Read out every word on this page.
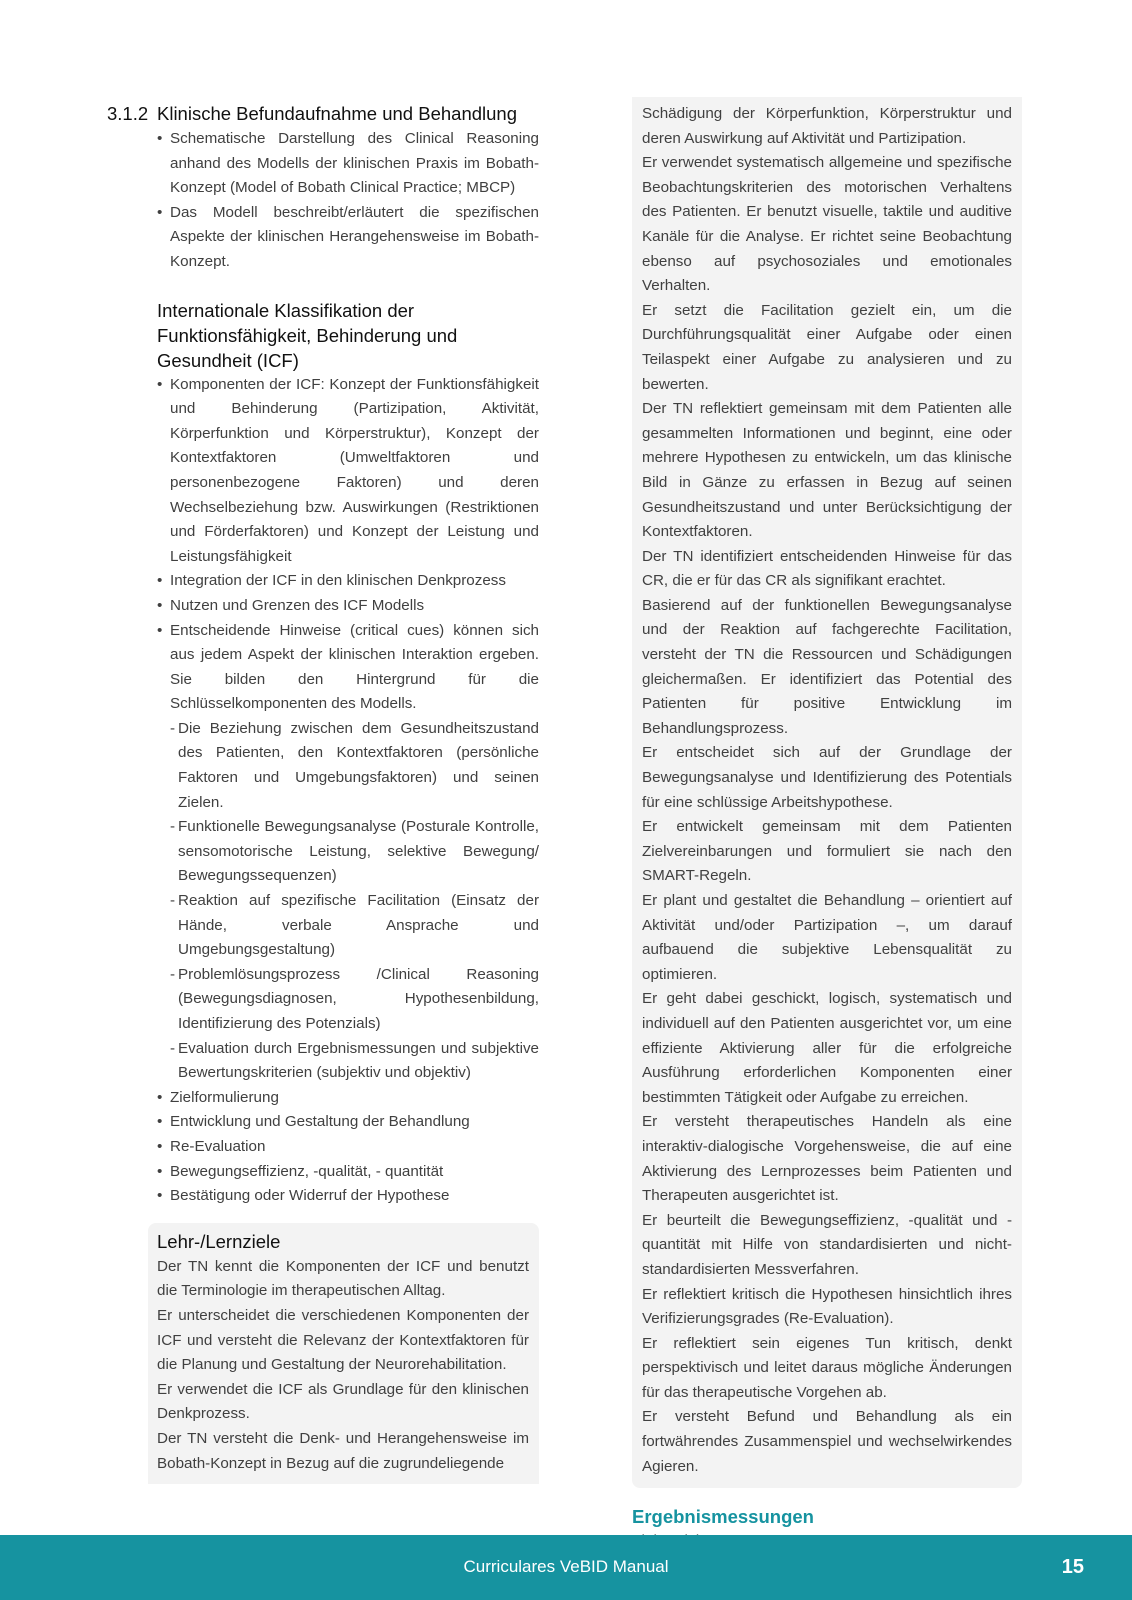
3.1.2 Klinische Befundaufnahme und Behandlung
• Schematische Darstellung des Clinical Reasoning anhand des Modells der klinischen Praxis im Bobath-Konzept (Model of Bobath Clinical Practice; MBCP)
• Das Modell beschreibt/erläutert die spezifischen Aspekte der klinischen Herangehensweise im Bobath-Konzept.
Internationale Klassifikation der Funktionsfähigkeit, Behinderung und Gesundheit (ICF)
• Komponenten der ICF: Konzept der Funktionsfähigkeit und Behinderung (Partizipation, Aktivität, Körperfunktion und Körperstruktur), Konzept der Kontextfaktoren (Umweltfaktoren und personenbezogene Faktoren) und deren Wechselbeziehung bzw. Auswirkungen (Restriktionen und Förderfaktoren) und Konzept der Leistung und Leistungsfähigkeit
• Integration der ICF in den klinischen Denkprozess
• Nutzen und Grenzen des ICF Modells
• Entscheidende Hinweise (critical cues) können sich aus jedem Aspekt der klinischen Interaktion ergeben. Sie bilden den Hintergrund für die Schlüsselkomponenten des Modells.
- Die Beziehung zwischen dem Gesundheitszustand des Patienten, den Kontextfaktoren (persönliche Faktoren und Umgebungsfaktoren) und seinen Zielen.
- Funktionelle Bewegungsanalyse (Posturale Kontrolle, sensomotorische Leistung, selektive Bewegung/ Bewegungssequenzen)
- Reaktion auf spezifische Facilitation (Einsatz der Hände, verbale Ansprache und Umgebungsgestaltung)
- Problemlösungsprozess /Clinical Reasoning (Bewegungsdiagnosen, Hypothesenbildung, Identifizierung des Potenzials)
- Evaluation durch Ergebnismessungen und subjektive Bewertungskriterien (subjektiv und objektiv)
• Zielformulierung
• Entwicklung und Gestaltung der Behandlung
• Re-Evaluation
• Bewegungseffizienz, -qualität, - quantität
• Bestätigung oder Widerruf der Hypothese
Lehr-/Lernziele

Der TN kennt die Komponenten der ICF und benutzt die Terminologie im therapeutischen Alltag.

Er unterscheidet die verschiedenen Komponenten der ICF und versteht die Relevanz der Kontextfaktoren für die Planung und Gestaltung der Neurorehabilitation.

Er verwendet die ICF als Grundlage für den klinischen Denkprozess.

Der TN versteht die Denk- und Herangehensweise im Bobath-Konzept in Bezug auf die zugrundeliegende

Schädigung der Körperfunktion, Körperstruktur und deren Auswirkung auf Aktivität und Partizipation.

Er verwendet systematisch allgemeine und spezifische Beobachtungskriterien des motorischen Verhaltens des Patienten. Er benutzt visuelle, taktile und auditive Kanäle für die Analyse. Er richtet seine Beobachtung ebenso auf psychosoziales und emotionales Verhalten.

Er setzt die Facilitation gezielt ein, um die Durchführungsqualität einer Aufgabe oder einen Teilaspekt einer Aufgabe zu analysieren und zu bewerten.

Der TN reflektiert gemeinsam mit dem Patienten alle gesammelten Informationen und beginnt, eine oder mehrere Hypothesen zu entwickeln, um das klinische Bild in Gänze zu erfassen in Bezug auf seinen Gesundheitszustand und unter Berücksichtigung der Kontextfaktoren.

Der TN identifiziert entscheidenden Hinweise für das CR, die er für das CR als signifikant erachtet.

Basierend auf der funktionellen Bewegungsanalyse und der Reaktion auf fachgerechte Facilitation, versteht der TN die Ressourcen und Schädigungen gleichermaßen. Er identifiziert das Potential des Patienten für positive Entwicklung im Behandlungsprozess.

Er entscheidet sich auf der Grundlage der Bewegungsanalyse und Identifizierung des Potentials für eine schlüssige Arbeitshypothese.

Er entwickelt gemeinsam mit dem Patienten Zielvereinbarungen und formuliert sie nach den SMART-Regeln.

Er plant und gestaltet die Behandlung – orientiert auf Aktivität und/oder Partizipation –, um darauf aufbauend die subjektive Lebensqualität zu optimieren.

Er geht dabei geschickt, logisch, systematisch und individuell auf den Patienten ausgerichtet vor, um eine effiziente Aktivierung aller für die erfolgreiche Ausführung erforderlichen Komponenten einer bestimmten Tätigkeit oder Aufgabe zu erreichen.

Er versteht therapeutisches Handeln als eine interaktiv-dialogische Vorgehensweise, die auf eine Aktivierung des Lernprozesses beim Patienten und Therapeuten ausgerichtet ist.

Er beurteilt die Bewegungseffizienz, -qualität und -quantität mit Hilfe von standardisierten und nicht-standardisierten Messverfahren.

Er reflektiert kritisch die Hypothesen hinsichtlich ihres Verifizierungsgrades (Re-Evaluation).

Er reflektiert sein eigenes Tun kritisch, denkt perspektivisch und leitet daraus mögliche Änderungen für das therapeutische Vorgehen ab.

Er versteht Befund und Behandlung als ein fortwährendes Zusammenspiel und wechselwirkendes Agieren.

Ergebnismessungen
•
Curriculares VeBID Manual	15
